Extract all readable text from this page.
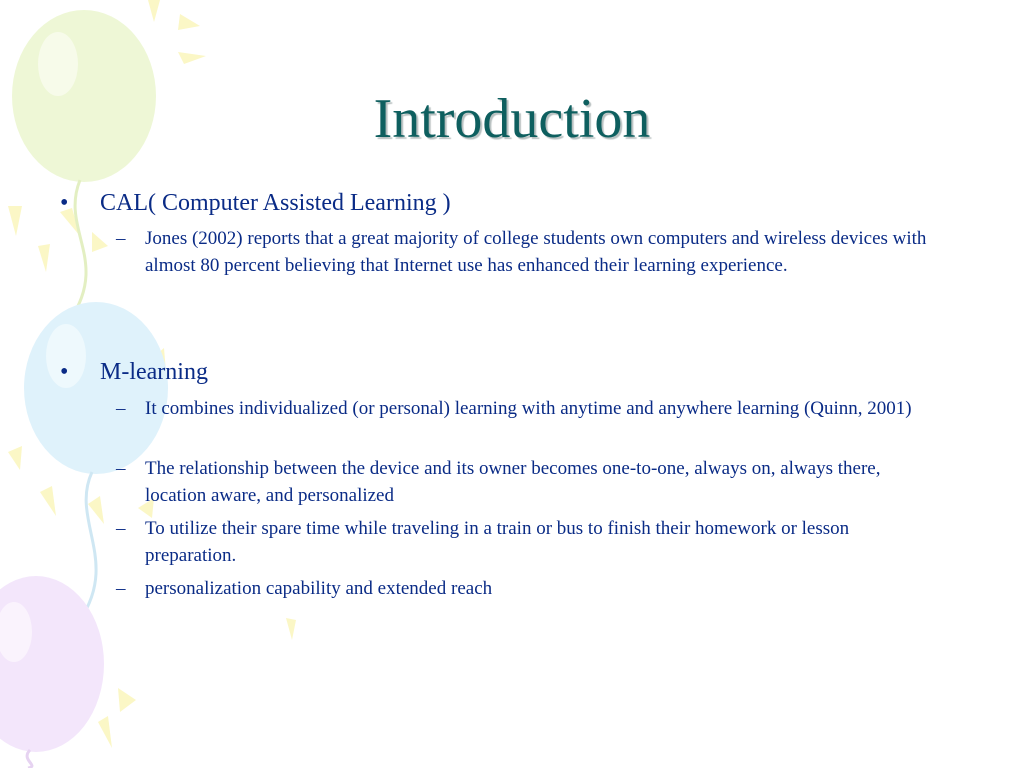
Introduction
•	CAL( Computer Assisted Learning )
–	Jones (2002) reports that a great majority of college students own computers and wireless devices with almost 80 percent believing that Internet use has enhanced their learning experience.
•	M-learning
–	It combines individualized (or personal) learning with anytime and anywhere learning (Quinn, 2001)
–	The relationship between the device and its owner becomes one-to-one, always on, always there, location aware, and personalized
–	To utilize their spare time while traveling in a train or bus to finish their homework or lesson preparation.
–	personalization capability and extended reach
